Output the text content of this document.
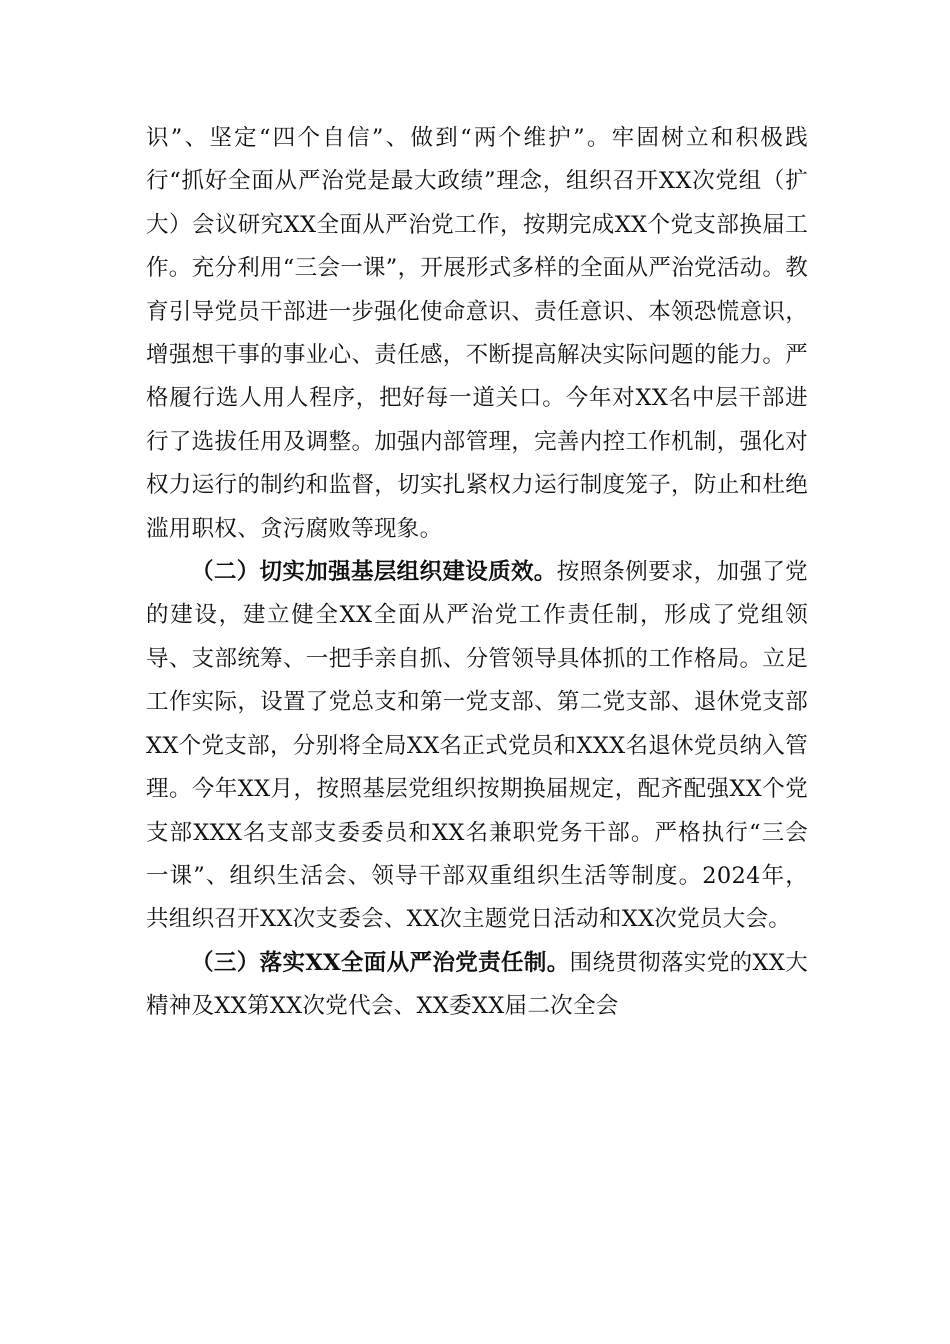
识”、坚定“四个自信”、做到“两个维护”。牢固树立和积极践行“抓好全面从严治党是最大政绩”理念，组织召开XX次党组（扩大）会议研究XX全面从严治党工作，按期完成XX个党支部换届工作。充分利用“三会一课”，开展形式多样的全面从严治党活动。教育引导党员干部进一步强化使命意识、责任意识、本领恐慌意识，增强想干事的事业心、责任感，不断提高解决实际问题的能力。严格履行选人用人程序，把好每一道关口。今年对XX名中层干部进行了选拔任用及调整。加强内部管理，完善内控工作机制，强化对权力运行的制约和监督，切实扎紧权力运行制度笼子，防止和杜绝滥用职权、贪污腐败等现象。

（二）切实加强基层组织建设质效。按照条例要求，加强了党的建设，建立健全XX全面从严治党工作责任制，形成了党组领导、支部统筹、一把手亲自抓、分管领导具体抓的工作格局。立足工作实际，设置了党总支和第一党支部、第二党支部、退休党支部XX个党支部，分别将全局XX名正式党员和XXX名退休党员纳入管理。今年XX月，按照基层党组织按期换届规定，配齐配强XX个党支部XXX名支部支委委员和XX名兼职党务干部。严格执行“三会一课”、组织生活会、领导干部双重组织生活等制度。2024年，共组织召开XX次支委会、XX次主题党日活动和XX次党员大会。

（三）落实XX全面从严治党责任制。围绕贯彻落实党的XX大精神及XX第XX次党代会、XX委XX届二次全会
